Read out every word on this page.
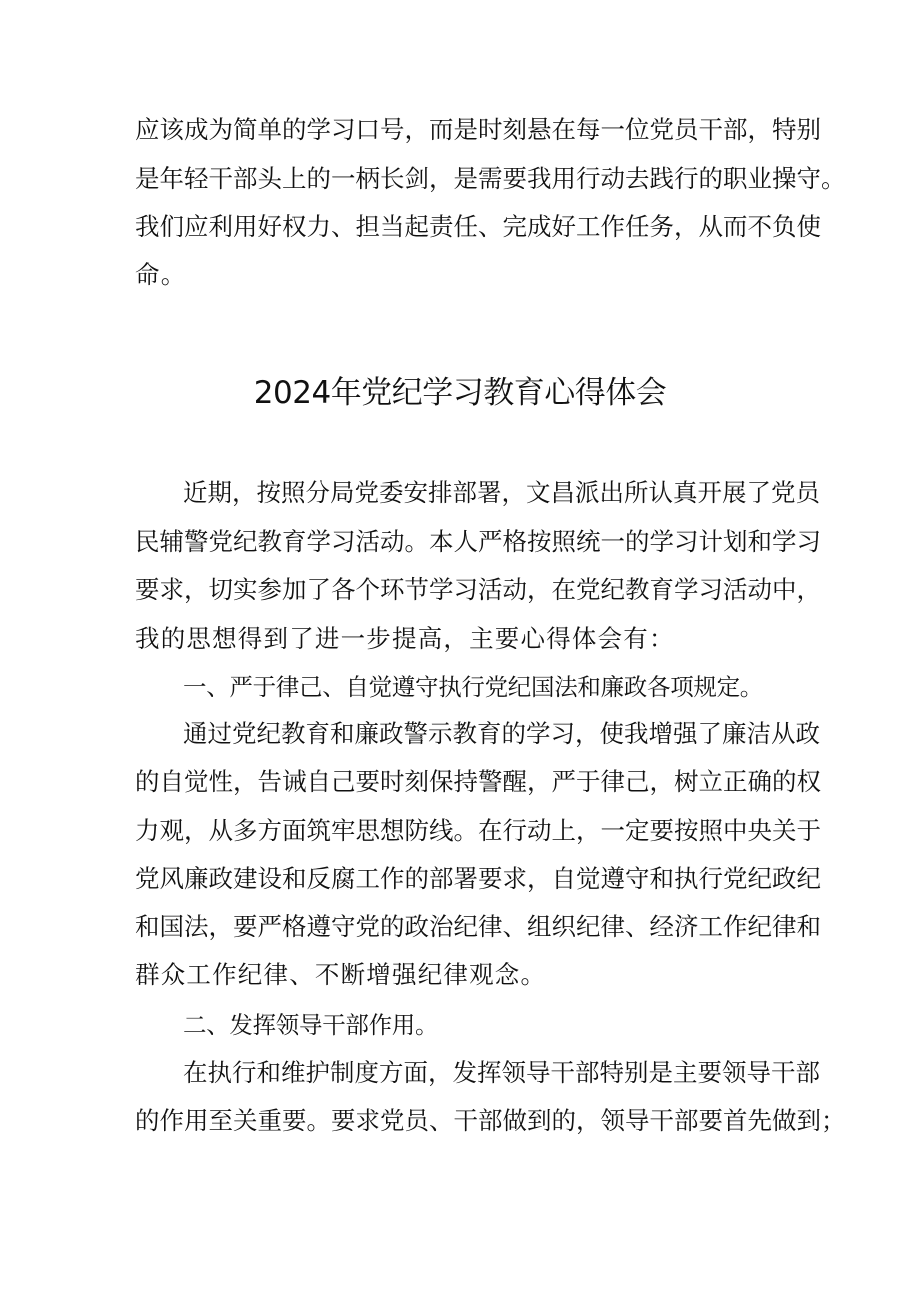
应该成为简单的学习口号，而是时刻悬在每一位党员干部，特别
是年轻干部头上的一柄长剑，是需要我用行动去践行的职业操守。
我们应利用好权力、担当起责任、完成好工作任务，从而不负使
命。
2024年党纪学习教育心得体会
近期，按照分局党委安排部署，文昌派出所认真开展了党员
民辅警党纪教育学习活动。本人严格按照统一的学习计划和学习
要求，切实参加了各个环节学习活动，在党纪教育学习活动中，
我的思想得到了进一步提高，主要心得体会有：
一、严于律己、自觉遵守执行党纪国法和廉政各项规定。
通过党纪教育和廉政警示教育的学习，使我增强了廉洁从政
的自觉性，告诫自己要时刻保持警醒，严于律己，树立正确的权
力观，从多方面筑牢思想防线。在行动上，一定要按照中央关于
党风廉政建设和反腐工作的部署要求，自觉遵守和执行党纪政纪
和国法，要严格遵守党的政治纪律、组织纪律、经济工作纪律和
群众工作纪律、不断增强纪律观念。
二、发挥领导干部作用。
在执行和维护制度方面，发挥领导干部特别是主要领导干部
的作用至关重要。要求党员、干部做到的，领导干部要首先做到；
